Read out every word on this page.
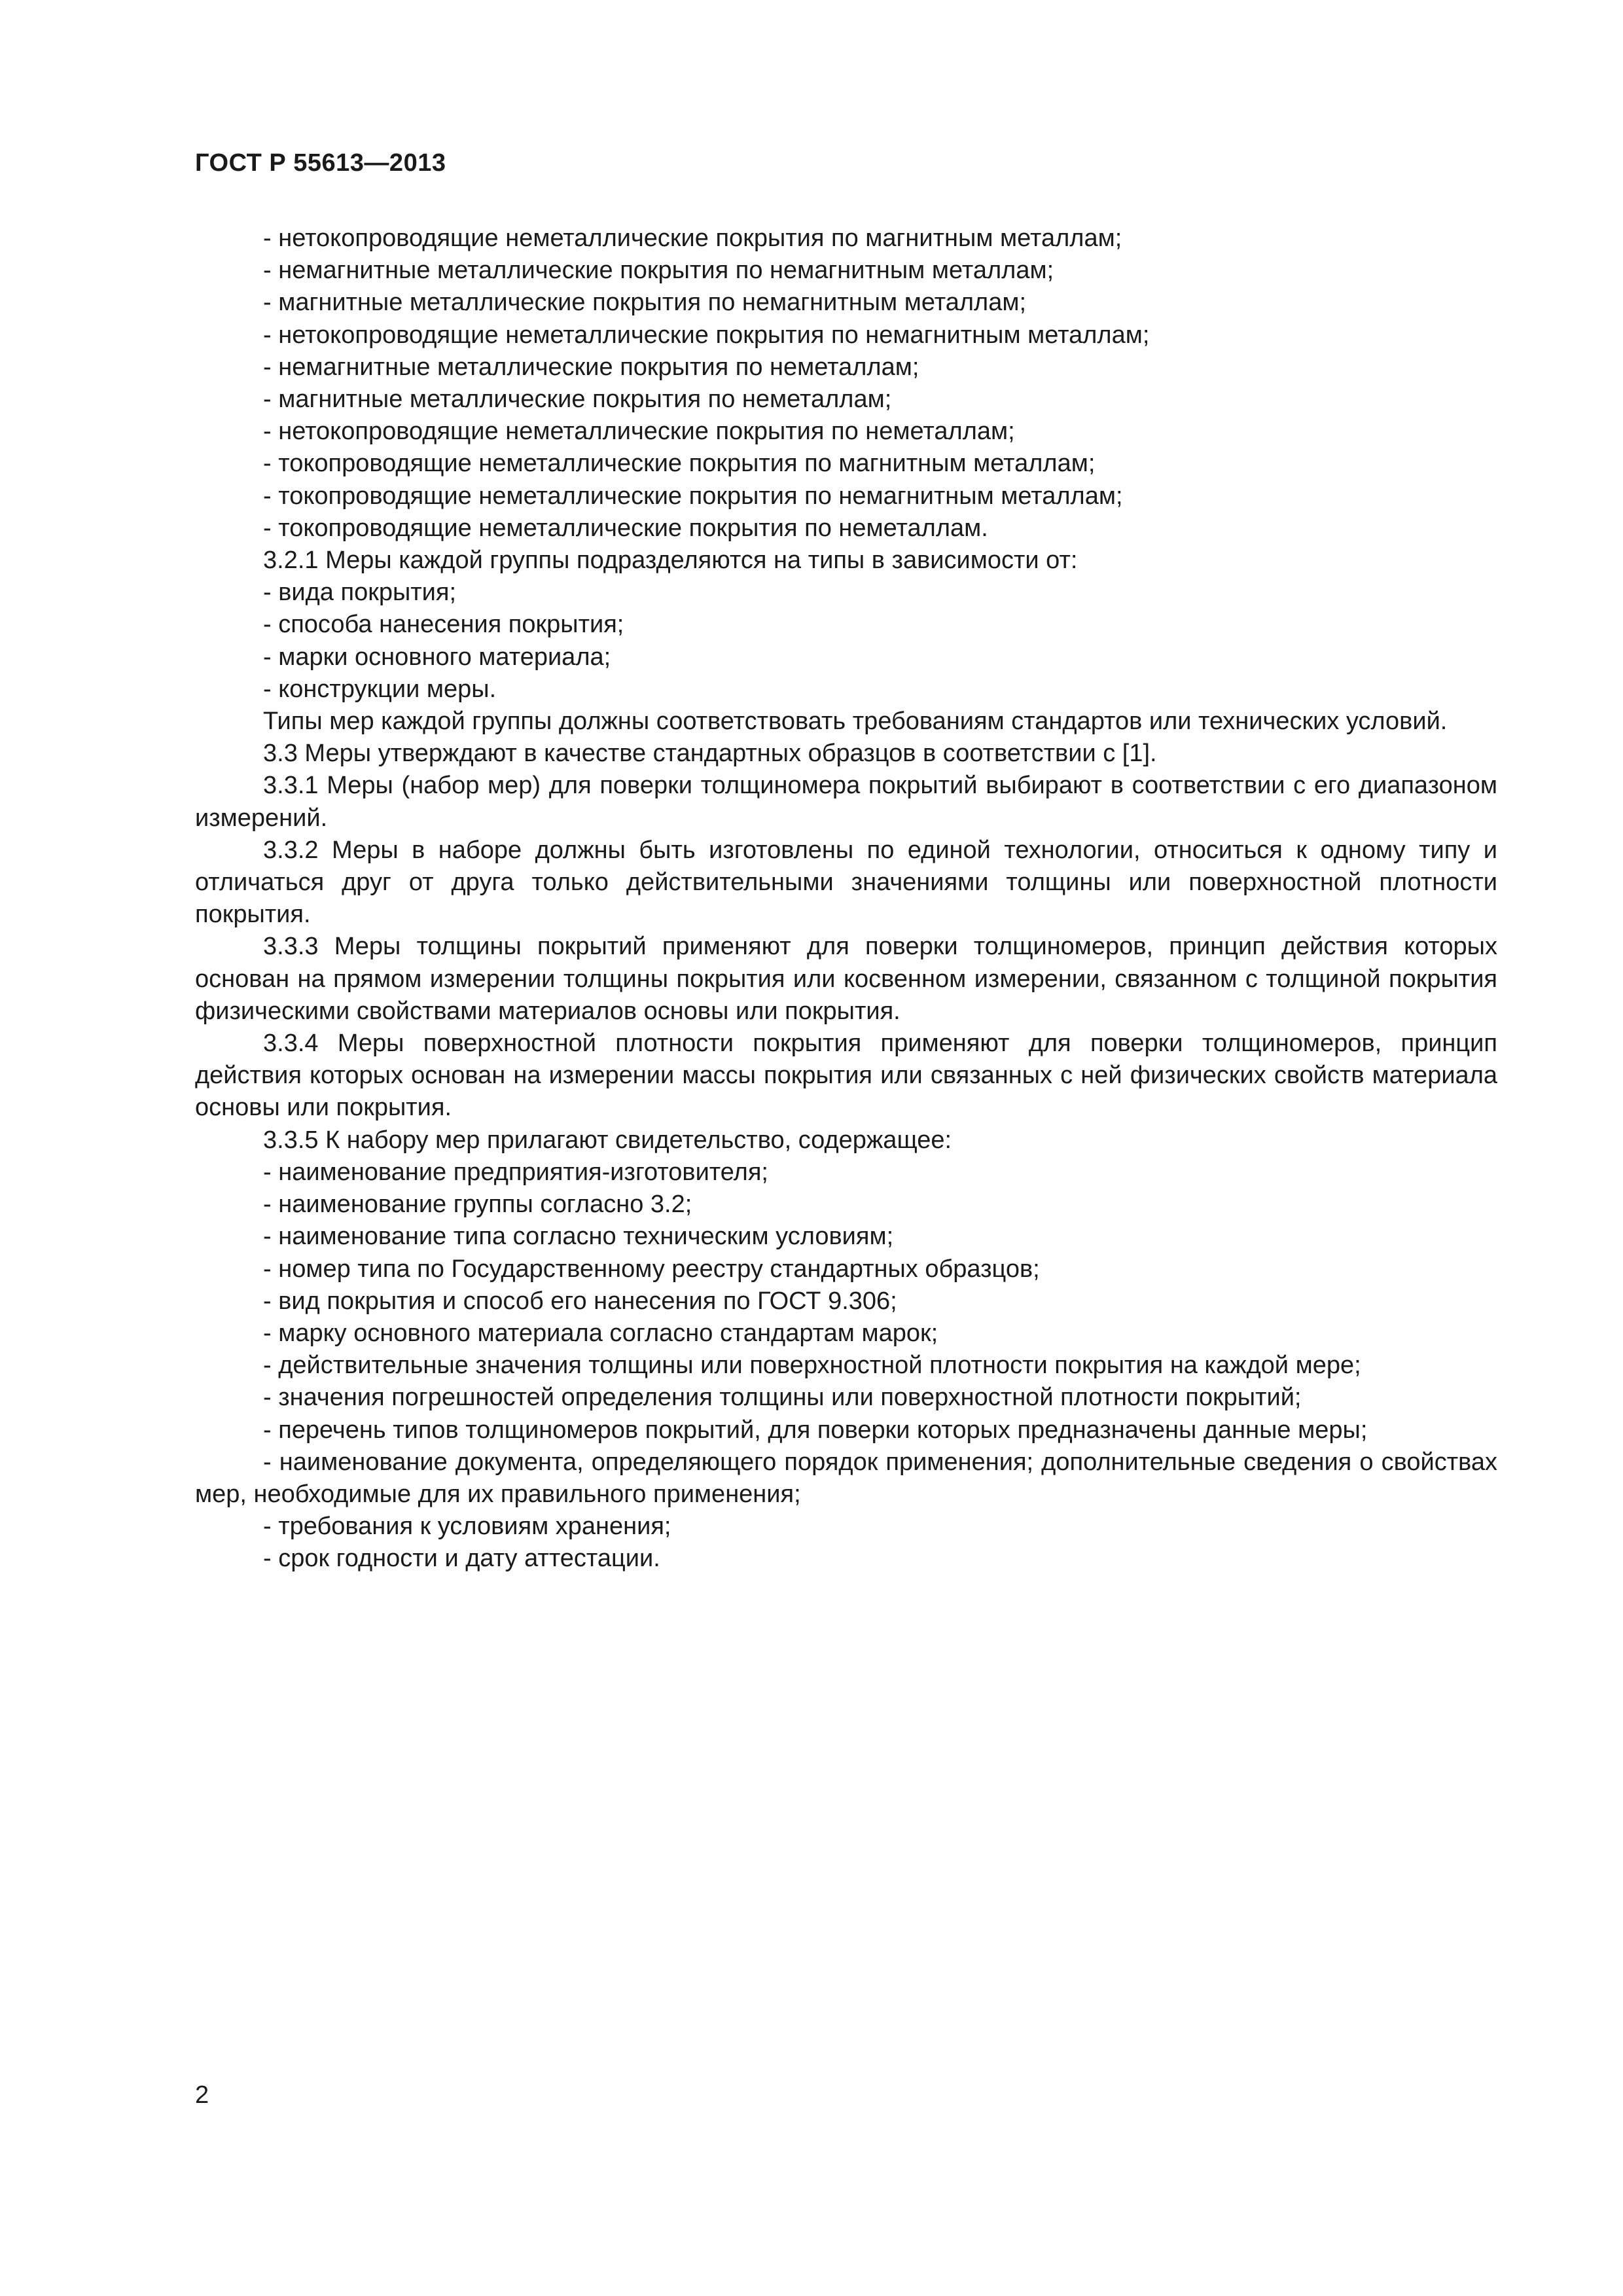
ГОСТ Р 55613—2013

- нетокопроводящие неметаллические покрытия по магнитным металлам;

- немагнитные металлические покрытия по немагнитным металлам;

- магнитные металлические покрытия по немагнитным металлам;

- нетокопроводящие неметаллические покрытия по немагнитным металлам;

- немагнитные металлические покрытия по неметаллам;

- магнитные металлические покрытия по неметаллам;

- нетокопроводящие неметаллические покрытия по неметаллам;

- токопроводящие неметаллические покрытия по магнитным металлам;

- токопроводящие неметаллические покрытия по немагнитным металлам;

- токопроводящие неметаллические покрытия по неметаллам.

3.2.1 Меры каждой группы подразделяются на типы в зависимости от:

- вида покрытия;

- способа нанесения покрытия;

- марки основного материала;

- конструкции меры.

Типы мер каждой группы должны соответствовать требованиям стандартов или технических условий.

3.3 Меры утверждают в качестве стандартных образцов в соответствии с [1].

3.3.1 Меры (набор мер) для поверки толщиномера покрытий выбирают в соответствии с его диапазоном измерений.

3.3.2 Меры в наборе должны быть изготовлены по единой технологии, относиться к одному типу и отличаться друг от друга только действительными значениями толщины или поверхностной плотности покрытия.

3.3.3 Меры толщины покрытий применяют для поверки толщиномеров, принцип действия которых основан на прямом измерении толщины покрытия или косвенном измерении, связанном с толщиной покрытия физическими свойствами материалов основы или покрытия.

3.3.4 Меры поверхностной плотности покрытия применяют для поверки толщиномеров, принцип действия которых основан на измерении массы покрытия или связанных с ней физических свойств материала основы или покрытия.

3.3.5 К набору мер прилагают свидетельство, содержащее:

- наименование предприятия-изготовителя;

- наименование группы согласно 3.2;

- наименование типа согласно техническим условиям;

- номер типа по Государственному реестру стандартных образцов;

- вид покрытия и способ его нанесения по ГОСТ 9.306;

- марку основного материала согласно стандартам марок;

- действительные значения толщины или поверхностной плотности покрытия на каждой мере;

- значения погрешностей определения толщины или поверхностной плотности покрытий;

- перечень типов толщиномеров покрытий, для поверки которых предназначены данные меры;

- наименование документа, определяющего порядок применения; дополнительные сведения о свойствах мер, необходимые для их правильного применения;

- требования к условиям хранения;

- срок годности и дату аттестации.

2
